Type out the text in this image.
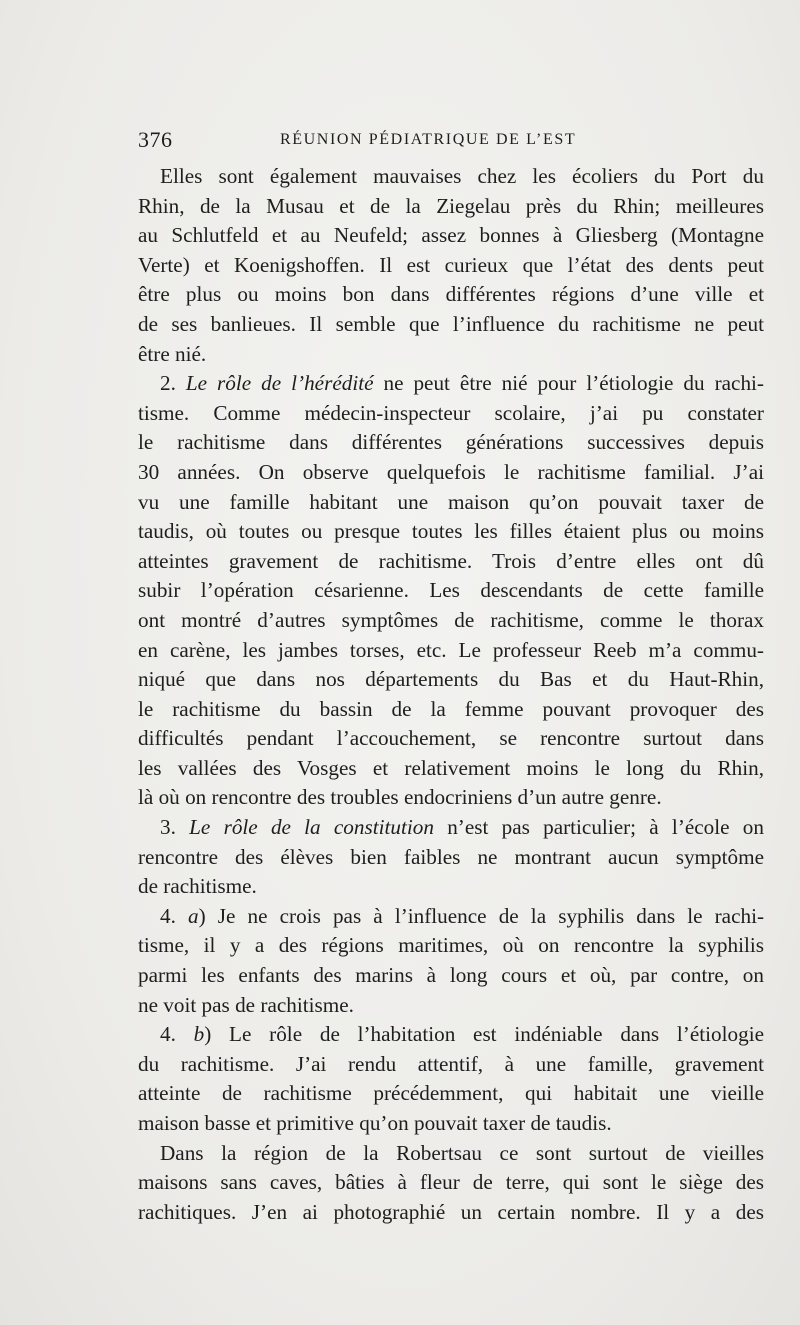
376	RÉUNION PÉDIATRIQUE DE L’EST
Elles sont également mauvaises chez les écoliers du Port du
Rhin, de la Musau et de la Ziegelau près du Rhin; meilleures
au Schlutfeld et au Neufeld; assez bonnes à Gliesberg (Montagne
Verte) et Koenigshoffen. Il est curieux que l’état des dents peut
être plus ou moins bon dans différentes régions d’une ville et
de ses banlieues. Il semble que l’influence du rachitisme ne peut
être nié.
2. Le rôle de l’hérédité ne peut être nié pour l’étiologie du rachi-
tisme. Comme médecin-inspecteur scolaire, j’ai pu constater
le rachitisme dans différentes générations successives depuis
30 années. On observe quelquefois le rachitisme familial. J’ai
vu une famille habitant une maison qu’on pouvait taxer de
taudis, où toutes ou presque toutes les filles étaient plus ou moins
atteintes gravement de rachitisme. Trois d’entre elles ont dû
subir l’opération césarienne. Les descendants de cette famille
ont montré d’autres symptômes de rachitisme, comme le thorax
en carène, les jambes torses, etc. Le professeur Reeb m’a commu-
niqué que dans nos départements du Bas et du Haut-Rhin,
le rachitisme du bassin de la femme pouvant provoquer des
difficultés pendant l’accouchement, se rencontre surtout dans
les vallées des Vosges et relativement moins le long du Rhin,
là où on rencontre des troubles endocriniens d’un autre genre.
3. Le rôle de la constitution n’est pas particulier; à l’école on
rencontre des élèves bien faibles ne montrant aucun symptôme
de rachitisme.
4. a) Je ne crois pas à l’influence de la syphilis dans le rachi-
tisme, il y a des régions maritimes, où on rencontre la syphilis
parmi les enfants des marins à long cours et où, par contre, on
ne voit pas de rachitisme.
4. b) Le rôle de l’habitation est indéniable dans l’étiologie
du rachitisme. J’ai rendu attentif, à une famille, gravement
atteinte de rachitisme précédemment, qui habitait une vieille
maison basse et primitive qu’on pouvait taxer de taudis.
Dans la région de la Robertsau ce sont surtout de vieilles
maisons sans caves, bâties à fleur de terre, qui sont le siège des
rachitiques. J’en ai photographié un certain nombre. Il y a des
